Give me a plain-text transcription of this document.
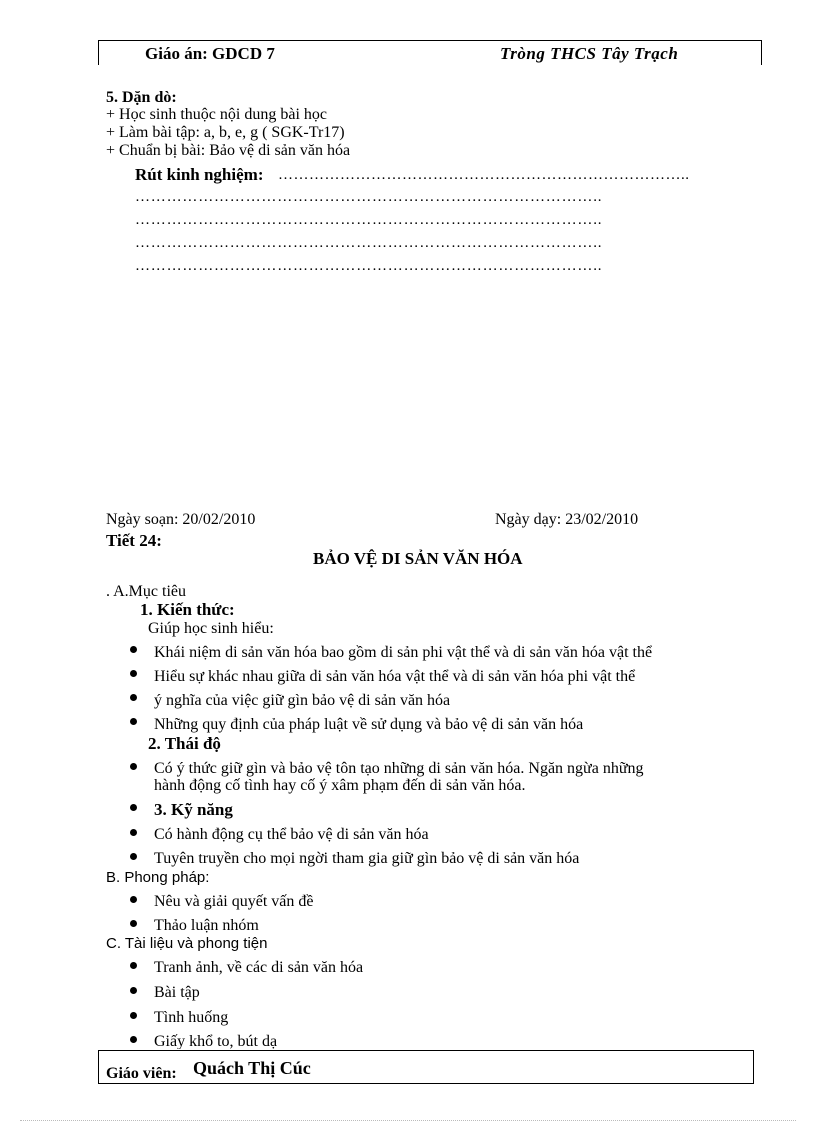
Giáo án: GDCD 7	Tròng THCS Tây Trạch
5. Dặn dò:
+ Học sinh thuộc nội dung bài học
+ Làm bài tập: a, b, e, g ( SGK-Tr17)
+ Chuẩn bị bài: Bảo vệ di sản văn hóa
Rút kinh nghiệm: ……………………………………………………………………..
……………………………………………………………………………..
……………………………………………………………………………..
……………………………………………………………………………..
……………………………………………………………………………..
Ngày soạn: 20/02/2010	Ngày dạy: 23/02/2010
Tiết 24:
BẢO VỆ DI SẢN VĂN HÓA
. A.Mục tiêu
1. Kiến thức:
Giúp học sinh hiểu:
Khái niệm di sản văn hóa bao gồm di sản phi vật thể và di sản văn hóa vật thể
Hiểu sự khác nhau giữa di sản văn hóa vật thể và di sản văn hóa phi vật thể
ý nghĩa của việc giữ gìn bảo vệ di sản văn hóa
Những quy định của pháp luật về sử dụng và bảo vệ di sản văn hóa
2. Thái độ
Có ý thức giữ gìn và bảo vệ tôn tạo những di sản văn hóa. Ngăn ngừa những
hành động cố tình hay cố ý xâm phạm đến di sản văn hóa.
3. Kỹ năng
Có hành động cụ thể bảo vệ di sản văn hóa
Tuyên truyền cho mọi ngời tham gia giữ gìn bảo vệ di sản văn hóa
B. Phong pháp:
Nêu và giải quyết vấn đề
Thảo luận nhóm
C. Tài liệu và phong tiện
Tranh ảnh, về các di sản văn hóa
Bài tập
Tình huống
Giấy khổ to, bút dạ
Giáo viên: Quách Thị Cúc
